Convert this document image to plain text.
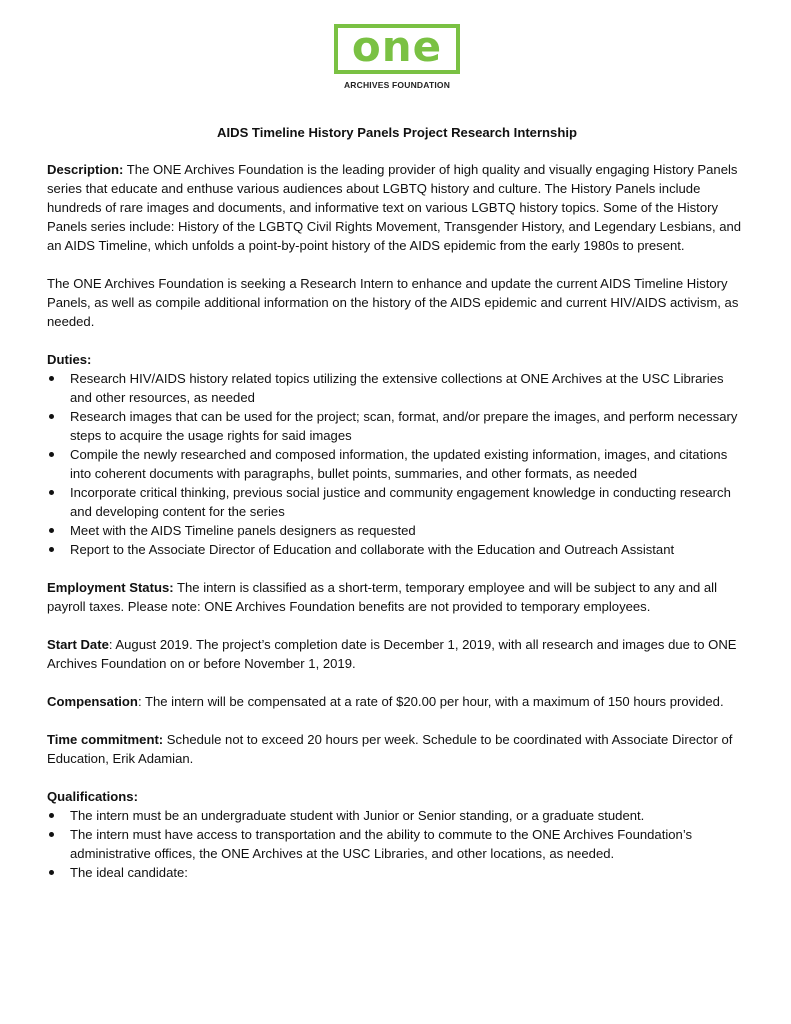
one
ARCHIVES FOUNDATION
AIDS Timeline History Panels Project Research Internship

Description: The ONE Archives Foundation is the leading provider of high quality and visually engaging History Panels series that educate and enthuse various audiences about LGBTQ history and culture. The History Panels include hundreds of rare images and documents, and informative text on various LGBTQ history topics. Some of the History Panels series include: History of the LGBTQ Civil Rights Movement, Transgender History, and Legendary Lesbians, and an AIDS Timeline, which unfolds a point-by-point history of the AIDS epidemic from the early 1980s to present.

The ONE Archives Foundation is seeking a Research Intern to enhance and update the current AIDS Timeline History Panels, as well as compile additional information on the history of the AIDS epidemic and current HIV/AIDS activism, as needed.

Duties:
Research HIV/AIDS history related topics utilizing the extensive collections at ONE Archives at the USC Libraries and other resources, as needed
Research images that can be used for the project; scan, format, and/or prepare the images, and perform necessary steps to acquire the usage rights for said images
Compile the newly researched and composed information, the updated existing information, images, and citations into coherent documents with paragraphs, bullet points, summaries, and other formats, as needed
Incorporate critical thinking, previous social justice and community engagement knowledge in conducting research and developing content for the series
Meet with the AIDS Timeline panels designers as requested
Report to the Associate Director of Education and collaborate with the Education and Outreach Assistant

Employment Status: The intern is classified as a short-term, temporary employee and will be subject to any and all payroll taxes. Please note: ONE Archives Foundation benefits are not provided to temporary employees.

Start Date: August 2019. The project’s completion date is December 1, 2019, with all research and images due to ONE Archives Foundation on or before November 1, 2019.

Compensation: The intern will be compensated at a rate of $20.00 per hour, with a maximum of 150 hours provided.

Time commitment: Schedule not to exceed 20 hours per week. Schedule to be coordinated with Associate Director of Education, Erik Adamian.

Qualifications:
The intern must be an undergraduate student with Junior or Senior standing, or a graduate student.
The intern must have access to transportation and the ability to commute to the ONE Archives Foundation’s administrative offices, the ONE Archives at the USC Libraries, and other locations, as needed.
The ideal candidate:
